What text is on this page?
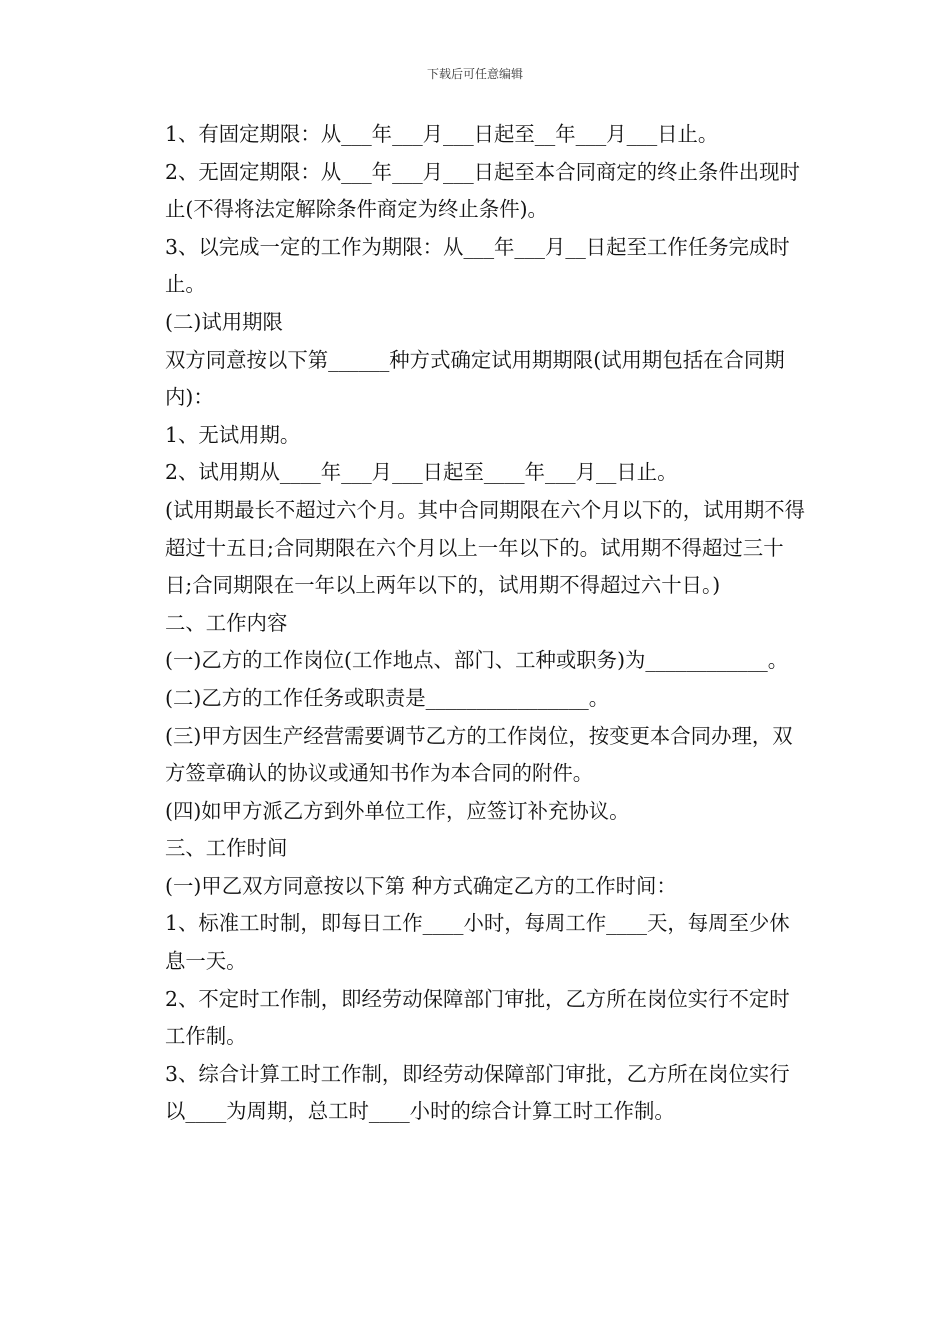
下载后可任意编辑

1、有固定期限：从___年___月___日起至__年___月___日止。

2、无固定期限：从___年___月___日起至本合同商定的终止条件出现时止(不得将法定解除条件商定为终止条件)。

3、以完成一定的工作为期限：从___年___月__日起至工作任务完成时止。

(二)试用期限

双方同意按以下第______种方式确定试用期期限(试用期包括在合同期内)：

1、无试用期。

2、试用期从____年___月___日起至____年___月__日止。

(试用期最长不超过六个月。其中合同期限在六个月以下的，试用期不得超过十五日;合同期限在六个月以上一年以下的。试用期不得超过三十日;合同期限在一年以上两年以下的，试用期不得超过六十日。)

二、工作内容

(一)乙方的工作岗位(工作地点、部门、工种或职务)为____________。

(二)乙方的工作任务或职责是________________。

(三)甲方因生产经营需要调节乙方的工作岗位，按变更本合同办理，双方签章确认的协议或通知书作为本合同的附件。

(四)如甲方派乙方到外单位工作，应签订补充协议。

三、工作时间

(一)甲乙双方同意按以下第 种方式确定乙方的工作时间：

1、标准工时制，即每日工作____小时，每周工作____天，每周至少休息一天。

2、不定时工作制，即经劳动保障部门审批，乙方所在岗位实行不定时工作制。

3、综合计算工时工作制，即经劳动保障部门审批，乙方所在岗位实行以____为周期，总工时____小时的综合计算工时工作制。
